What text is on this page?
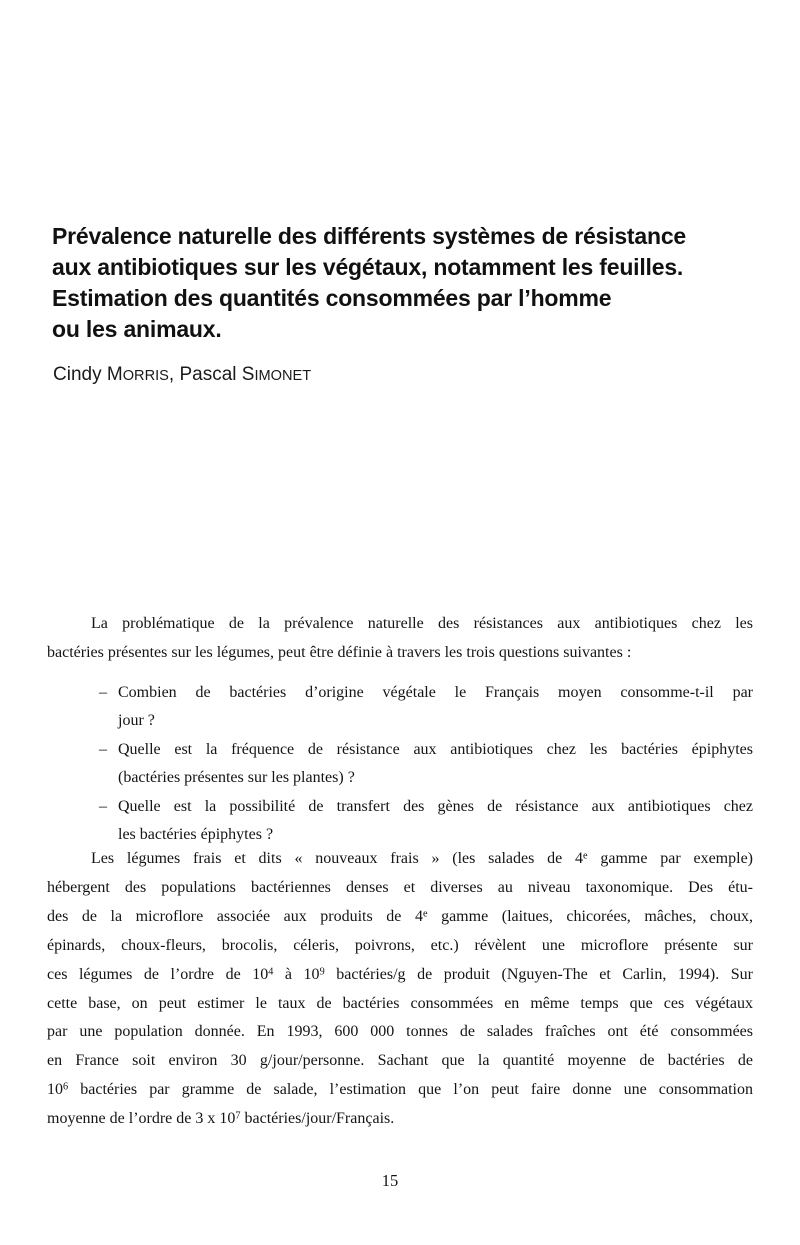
Prévalence naturelle des différents systèmes de résistance
aux antibiotiques sur les végétaux, notamment les feuilles.
Estimation des quantités consommées par l’homme
ou les animaux.
Cindy MORRIS, Pascal SIMONET
La problématique de la prévalence naturelle des résistances aux antibiotiques chez les
bactéries présentes sur les légumes, peut être définie à travers les trois questions suivantes :
– Combien de bactéries d’origine végétale le Français moyen consomme-t-il par
jour ?
– Quelle est la fréquence de résistance aux antibiotiques chez les bactéries épiphytes
(bactéries présentes sur les plantes) ?
– Quelle est la possibilité de transfert des gènes de résistance aux antibiotiques chez
les bactéries épiphytes ?
Les légumes frais et dits « nouveaux frais » (les salades de 4e gamme par exemple)
hébergent des populations bactériennes denses et diverses au niveau taxonomique. Des étu-
des de la microflore associée aux produits de 4e gamme (laitues, chicorées, mâches, choux,
épinards, choux-fleurs, brocolis, céleris, poivrons, etc.) révèlent une microflore présente sur
ces légumes de l’ordre de $10^4$ à $10^9$ bactéries/g de produit (Nguyen-The et Carlin, 1994). Sur
cette base, on peut estimer le taux de bactéries consommées en même temps que ces végétaux
par une population donnée. En 1993, 600 000 tonnes de salades fraîches ont été consommées
en France soit environ 30 g/jour/personne. Sachant que la quantité moyenne de bactéries de
$10^6$ bactéries par gramme de salade, l’estimation que l’on peut faire donne une consommation
moyenne de l’ordre de 3 x $10^7$ bactéries/jour/Français.
15
